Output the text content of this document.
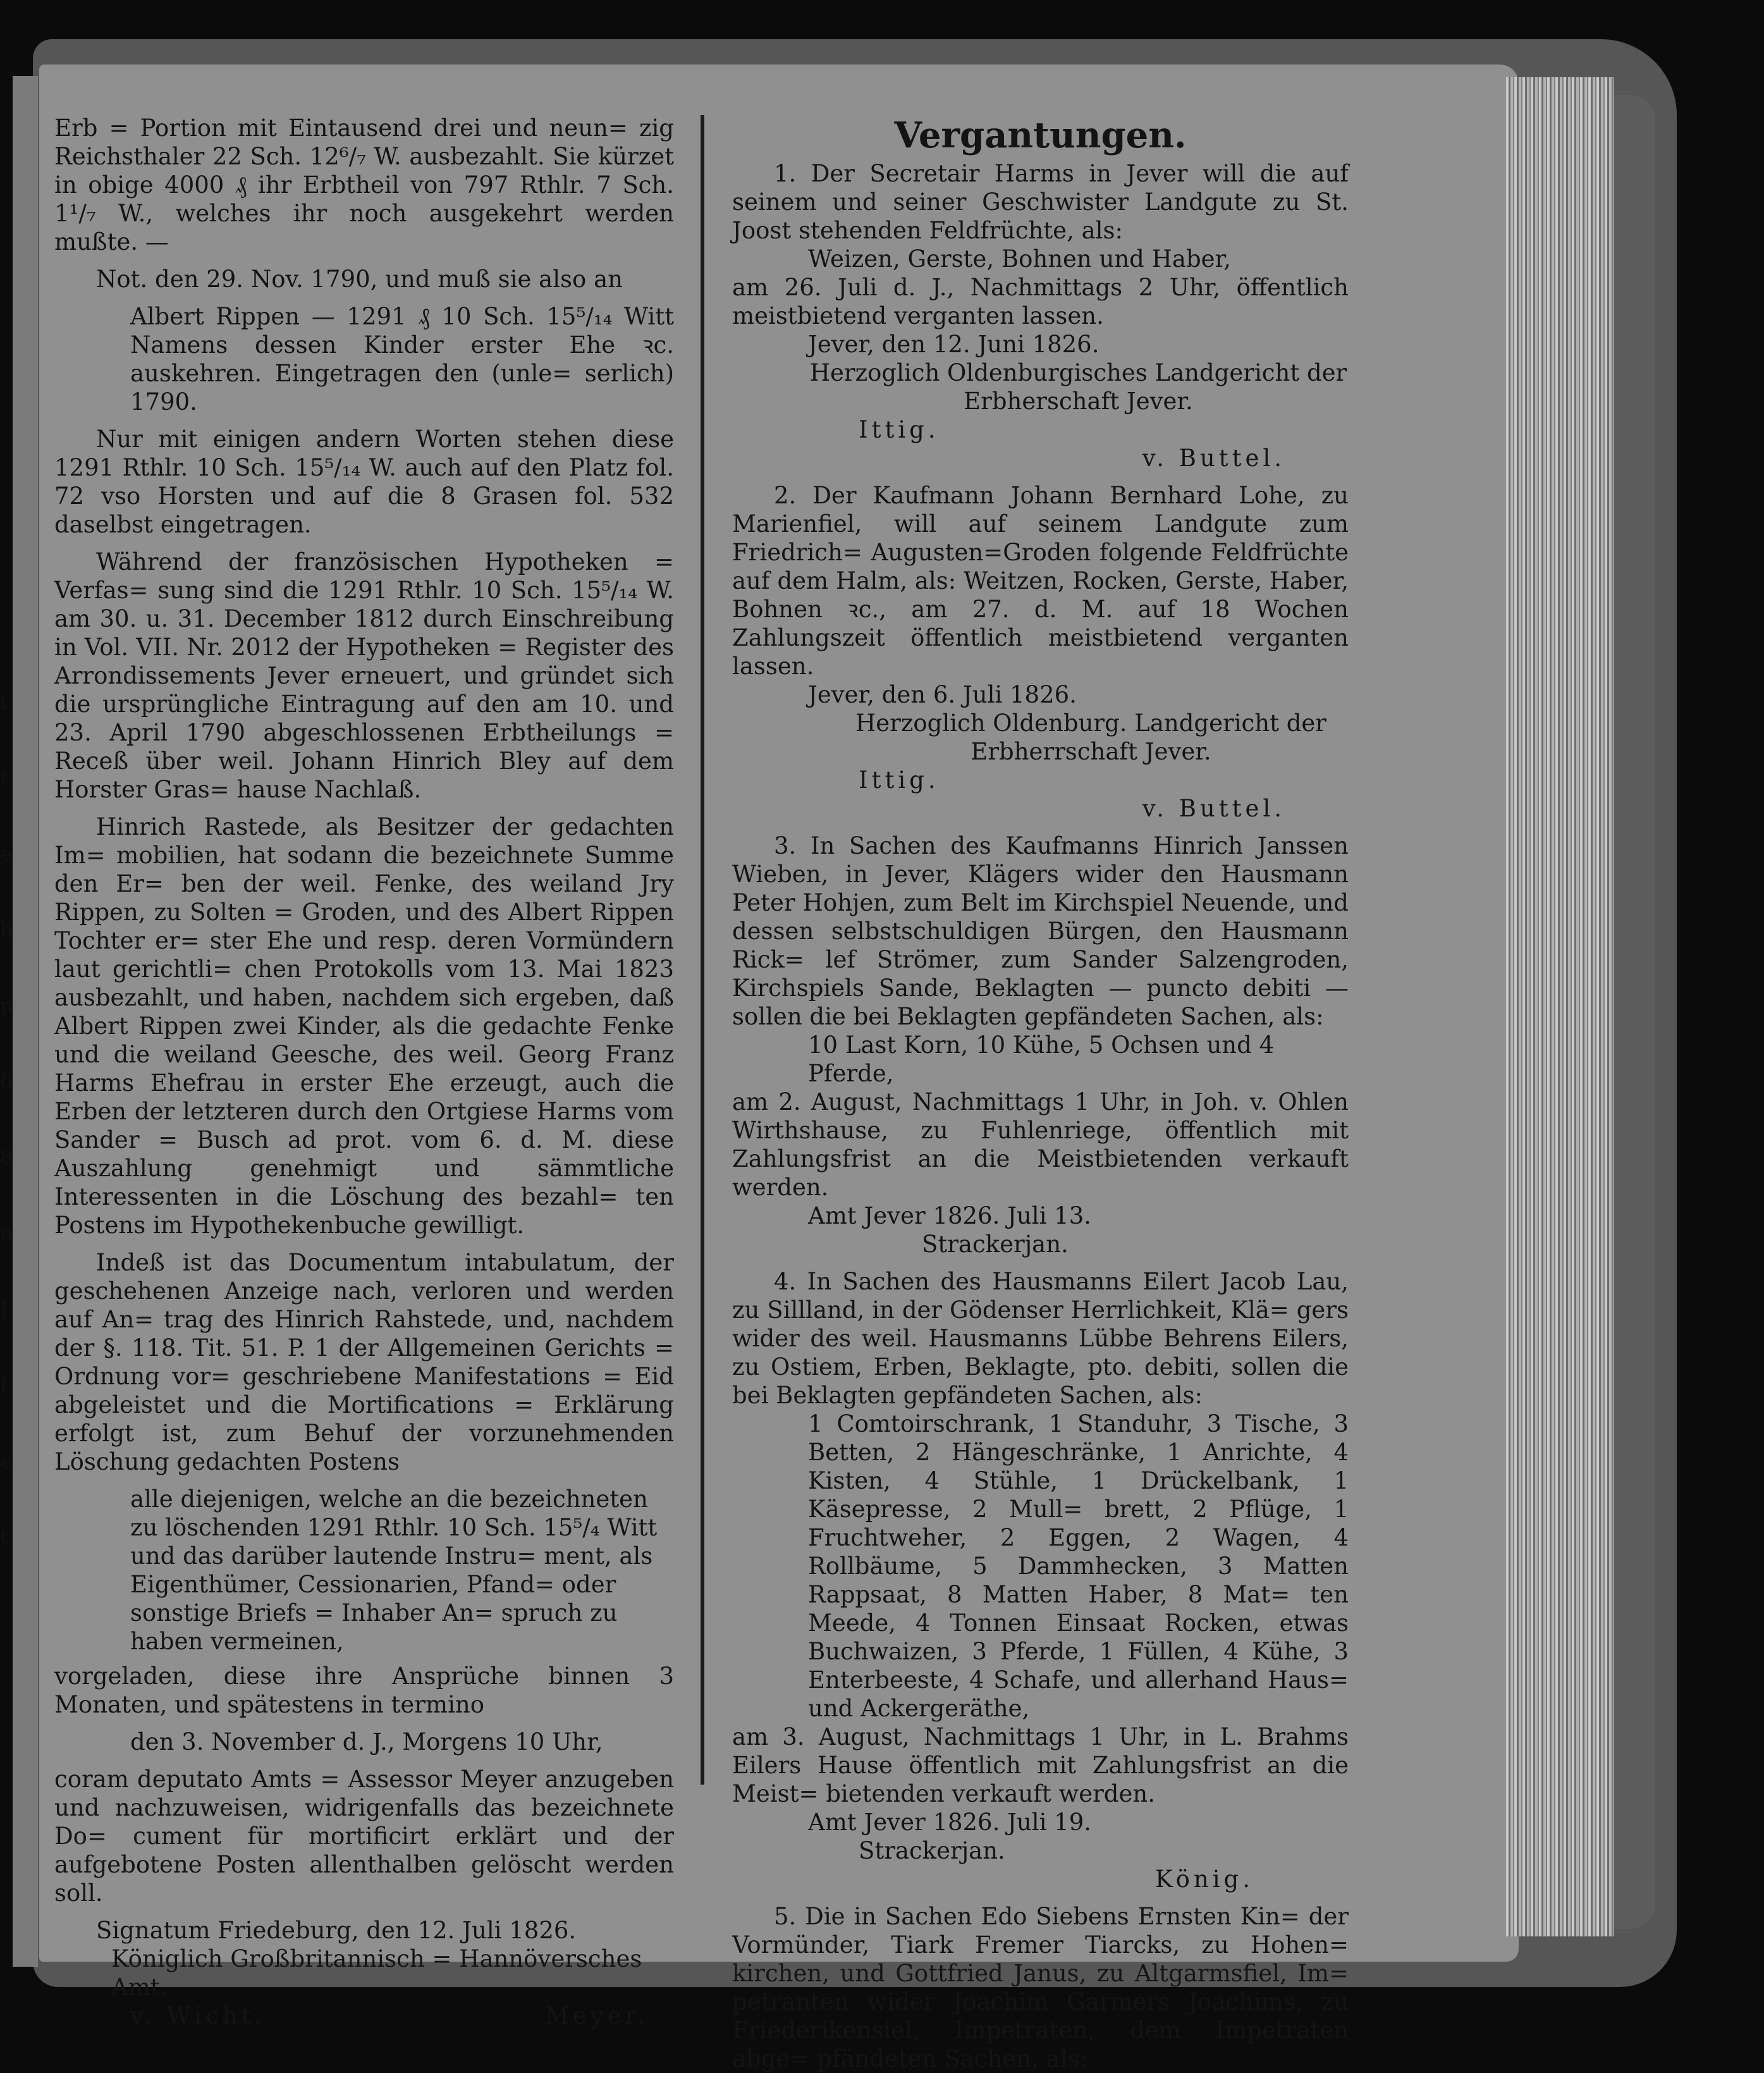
t
t
e
h
n
6
8
n
J
i
e
t

Erb = Portion mit Eintausend drei und neun= zig Reichsthaler 22 Sch. 12⁶/₇ W. ausbezahlt. Sie kürzet in obige 4000 ₰ ihr Erbtheil von 797 Rthlr. 7 Sch. 1¹/₇ W., welches ihr noch ausgekehrt werden mußte. —

Not. den 29. Nov. 1790, und muß sie also an

Albert Rippen — 1291 ₰ 10 Sch. 15⁵/₁₄ Witt Namens dessen Kinder erster Ehe ꝛc. auskehren. Eingetragen den (unle= serlich) 1790.

Nur mit einigen andern Worten stehen diese 1291 Rthlr. 10 Sch. 15⁵/₁₄ W. auch auf den Platz fol. 72 vso Horsten und auf die 8 Grasen fol. 532 daselbst eingetragen.

Während der französischen Hypotheken = Verfas= sung sind die 1291 Rthlr. 10 Sch. 15⁵/₁₄ W. am 30. u. 31. December 1812 durch Einschreibung in Vol. VII. Nr. 2012 der Hypotheken = Register des Arrondissements Jever erneuert, und gründet sich die ursprüngliche Eintragung auf den am 10. und 23. April 1790 abgeschlossenen Erbtheilungs = Receß über weil. Johann Hinrich Bley auf dem Horster Gras= hause Nachlaß.

Hinrich Rastede, als Besitzer der gedachten Im= mobilien, hat sodann die bezeichnete Summe den Er= ben der weil. Fenke, des weiland Jry Rippen, zu Solten = Groden, und des Albert Rippen Tochter er= ster Ehe und resp. deren Vormündern laut gerichtli= chen Protokolls vom 13. Mai 1823 ausbezahlt, und haben, nachdem sich ergeben, daß Albert Rippen zwei Kinder, als die gedachte Fenke und die weiland Geesche, des weil. Georg Franz Harms Ehefrau in erster Ehe erzeugt, auch die Erben der letzteren durch den Ortgiese Harms vom Sander = Busch ad prot. vom 6. d. M. diese Auszahlung genehmigt und sämmtliche Interessenten in die Löschung des bezahl= ten Postens im Hypothekenbuche gewilligt.

Indeß ist das Documentum intabulatum, der geschehenen Anzeige nach, verloren und werden auf An= trag des Hinrich Rahstede, und, nachdem der §. 118. Tit. 51. P. 1 der Allgemeinen Gerichts = Ordnung vor= geschriebene Manifestations = Eid abgeleistet und die Mortifications = Erklärung erfolgt ist, zum Behuf der vorzunehmenden Löschung gedachten Postens

alle diejenigen, welche an die bezeichneten zu löschenden 1291 Rthlr. 10 Sch. 15⁵/₄ Witt und das darüber lautende Instru= ment, als Eigenthümer, Cessionarien, Pfand= oder sonstige Briefs = Inhaber An= spruch zu haben vermeinen,

vorgeladen, diese ihre Ansprüche binnen 3 Monaten, und spätestens in termino

den 3. November d. J., Morgens 10 Uhr,

coram deputato Amts = Assessor Meyer anzugeben und nachzuweisen, widrigenfalls das bezeichnete Do= cument für mortificirt erklärt und der aufgebotene Posten allenthalben gelöscht werden soll.

Signatum Friedeburg, den 12. Juli 1826.

Königlich Großbritannisch = Hannöversches Amt.

v. Wicht.	Meyer.
Vergantungen.

1. Der Secretair Harms in Jever will die auf seinem und seiner Geschwister Landgute zu St. Joost stehenden Feldfrüchte, als:

Weizen, Gerste, Bohnen und Haber,

am 26. Juli d. J., Nachmittags 2 Uhr, öffentlich meistbietend verganten lassen.

Jever, den 12. Juni 1826.

Herzoglich Oldenburgisches Landgericht der Erbherschaft Jever.

Ittig.

v. Buttel.

2. Der Kaufmann Johann Bernhard Lohe, zu Marienfiel, will auf seinem Landgute zum Friedrich= Augusten=Groden folgende Feldfrüchte auf dem Halm, als: Weitzen, Rocken, Gerste, Haber, Bohnen ꝛc., am 27. d. M. auf 18 Wochen Zahlungszeit öffentlich meistbietend verganten lassen.

Jever, den 6. Juli 1826.

Herzoglich Oldenburg. Landgericht der Erbherrschaft Jever.

Ittig.

v. Buttel.

3. In Sachen des Kaufmanns Hinrich Janssen Wieben, in Jever, Klägers wider den Hausmann Peter Hohjen, zum Belt im Kirchspiel Neuende, und dessen selbstschuldigen Bürgen, den Hausmann Rick= lef Strömer, zum Sander Salzengroden, Kirchspiels Sande, Beklagten — puncto debiti — sollen die bei Beklagten gepfändeten Sachen, als:

10 Last Korn, 10 Kühe, 5 Ochsen und 4 Pferde,

am 2. August, Nachmittags 1 Uhr, in Joh. v. Ohlen Wirthshause, zu Fuhlenriege, öffentlich mit Zahlungsfrist an die Meistbietenden verkauft werden.

Amt Jever 1826. Juli 13.

Strackerjan.

4. In Sachen des Hausmanns Eilert Jacob Lau, zu Sillland, in der Gödenser Herrlichkeit, Klä= gers wider des weil. Hausmanns Lübbe Behrens Eilers, zu Ostiem, Erben, Beklagte, pto. debiti, sollen die bei Beklagten gepfändeten Sachen, als:

1 Comtoirschrank, 1 Standuhr, 3 Tische, 3 Betten, 2 Hängeschränke, 1 Anrichte, 4 Kisten, 4 Stühle, 1 Drückelbank, 1 Käsepresse, 2 Mull= brett, 2 Pflüge, 1 Fruchtweher, 2 Eggen, 2 Wagen, 4 Rollbäume, 5 Dammhecken, 3 Matten Rappsaat, 8 Matten Haber, 8 Mat= ten Meede, 4 Tonnen Einsaat Rocken, etwas Buchwaizen, 3 Pferde, 1 Füllen, 4 Kühe, 3 Enterbeeste, 4 Schafe, und allerhand Haus= und Ackergeräthe,

am 3. August, Nachmittags 1 Uhr, in L. Brahms Eilers Hause öffentlich mit Zahlungsfrist an die Meist= bietenden verkauft werden.

Amt Jever 1826. Juli 19.

Strackerjan.

König.

5. Die in Sachen Edo Siebens Ernsten Kin= der Vormünder, Tiark Fremer Tiarcks, zu Hohen= kirchen, und Gottfried Janus, zu Altgarmsfiel, Im= petranten wider Joachim Garmers Joachims, zu Friederikensiel, Impetraten, dem Impetraten abge= pfändeten Sachen, als:
